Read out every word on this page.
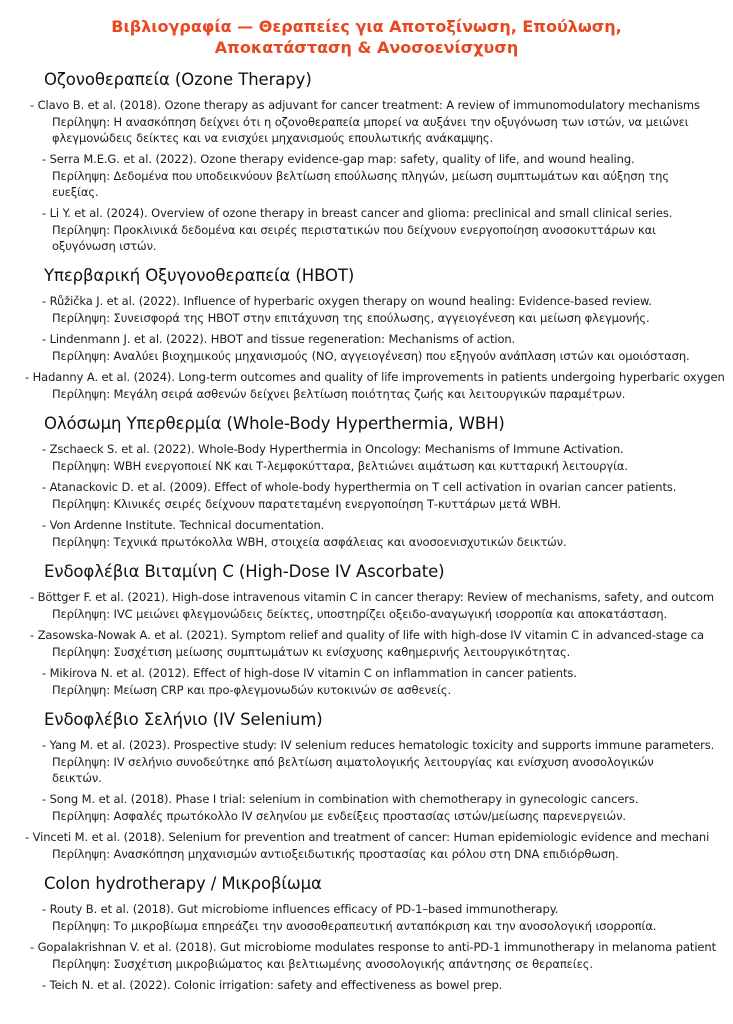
Βιβλιογραφία — Θεραπείες για Αποτοξίνωση, Επούλωση,
Αποκατάσταση & Ανοσοενίσχυση
Οζονοθεραπεία (Ozone Therapy)
- Clavo B. et al. (2018). Ozone therapy as adjuvant for cancer treatment: A review of immunomodulatory mechanisms
Περίληψη: Η ανασκόπηση δείχνει ότι η οζονοθεραπεία μπορεί να αυξάνει την οξυγόνωση των ιστών, να μειώνει φλεγμονώδεις δείκτες και να ενισχύει μηχανισμούς επουλωτικής ανάκαμψης.
- Serra M.E.G. et al. (2022). Ozone therapy evidence-gap map: safety, quality of life, and wound healing.
Περίληψη: Δεδομένα που υποδεικνύουν βελτίωση επούλωσης πληγών, μείωση συμπτωμάτων και αύξηση της ευεξίας.
- Li Y. et al. (2024). Overview of ozone therapy in breast cancer and glioma: preclinical and small clinical series.
Περίληψη: Προκλινικά δεδομένα και σειρές περιστατικών που δείχνουν ενεργοποίηση ανοσοκυττάρων και οξυγόνωση ιστών.
Υπερβαρική Οξυγονοθεραπεία (HBOT)
- Růžička J. et al. (2022). Influence of hyperbaric oxygen therapy on wound healing: Evidence-based review.
Περίληψη: Συνεισφορά της HBOT στην επιτάχυνση της επούλωσης, αγγειογένεση και μείωση φλεγμονής.
- Lindenmann J. et al. (2022). HBOT and tissue regeneration: Mechanisms of action.
Περίληψη: Αναλύει βιοχημικούς μηχανισμούς (NO, αγγειογένεση) που εξηγούν ανάπλαση ιστών και ομοιόσταση.
- Hadanny A. et al. (2024). Long-term outcomes and quality of life improvements in patients undergoing hyperbaric oxygen
Περίληψη: Μεγάλη σειρά ασθενών δείχνει βελτίωση ποιότητας ζωής και λειτουργικών παραμέτρων.
Ολόσωμη Υπερθερμία (Whole-Body Hyperthermia, WBH)
- Zschaeck S. et al. (2022). Whole-Body Hyperthermia in Oncology: Mechanisms of Immune Activation.
Περίληψη: WBH ενεργοποιεί NK και Τ-λεμφοκύτταρα, βελτιώνει αιμάτωση και κυτταρική λειτουργία.
- Atanackovic D. et al. (2009). Effect of whole-body hyperthermia on T cell activation in ovarian cancer patients.
Περίληψη: Κλινικές σειρές δείχνουν παρατεταμένη ενεργοποίηση Τ-κυττάρων μετά WBH.
- Von Ardenne Institute. Technical documentation.
Περίληψη: Τεχνικά πρωτόκολλα WBH, στοιχεία ασφάλειας και ανοσοενισχυτικών δεικτών.
Ενδοφλέβια Βιταμίνη C (High-Dose IV Ascorbate)
- Böttger F. et al. (2021). High-dose intravenous vitamin C in cancer therapy: Review of mechanisms, safety, and outcom
Περίληψη: IVC μειώνει φλεγμονώδεις δείκτες, υποστηρίζει οξειδο-αναγωγική ισορροπία και αποκατάσταση.
- Zasowska-Nowak A. et al. (2021). Symptom relief and quality of life with high-dose IV vitamin C in advanced-stage ca
Περίληψη: Συσχέτιση μείωσης συμπτωμάτων κι ενίσχυσης καθημερινής λειτουργικότητας.
- Mikirova N. et al. (2012). Effect of high-dose IV vitamin C on inflammation in cancer patients.
Περίληψη: Μείωση CRP και προ-φλεγμονωδών κυτοκινών σε ασθενείς.
Ενδοφλέβιο Σελήνιο (IV Selenium)
- Yang M. et al. (2023). Prospective study: IV selenium reduces hematologic toxicity and supports immune parameters.
Περίληψη: IV σελήνιο συνοδεύτηκε από βελτίωση αιματολογικής λειτουργίας και ενίσχυση ανοσολογικών δεικτών.
- Song M. et al. (2018). Phase I trial: selenium in combination with chemotherapy in gynecologic cancers.
Περίληψη: Ασφαλές πρωτόκολλο IV σεληνίου με ενδείξεις προστασίας ιστών/μείωσης παρενεργειών.
- Vinceti M. et al. (2018). Selenium for prevention and treatment of cancer: Human epidemiologic evidence and mechani
Περίληψη: Ανασκόπηση μηχανισμών αντιοξειδωτικής προστασίας και ρόλου στη DNA επιδιόρθωση.
Colon hydrotherapy / Μικροβίωμα
- Routy B. et al. (2018). Gut microbiome influences efficacy of PD-1–based immunotherapy.
Περίληψη: Το μικροβίωμα επηρεάζει την ανοσοθεραπευτική ανταπόκριση και την ανοσολογική ισορροπία.
- Gopalakrishnan V. et al. (2018). Gut microbiome modulates response to anti-PD-1 immunotherapy in melanoma patient
Περίληψη: Συσχέτιση μικροβιώματος και βελτιωμένης ανοσολογικής απάντησης σε θεραπείες.
- Teich N. et al. (2022). Colonic irrigation: safety and effectiveness as bowel prep.
